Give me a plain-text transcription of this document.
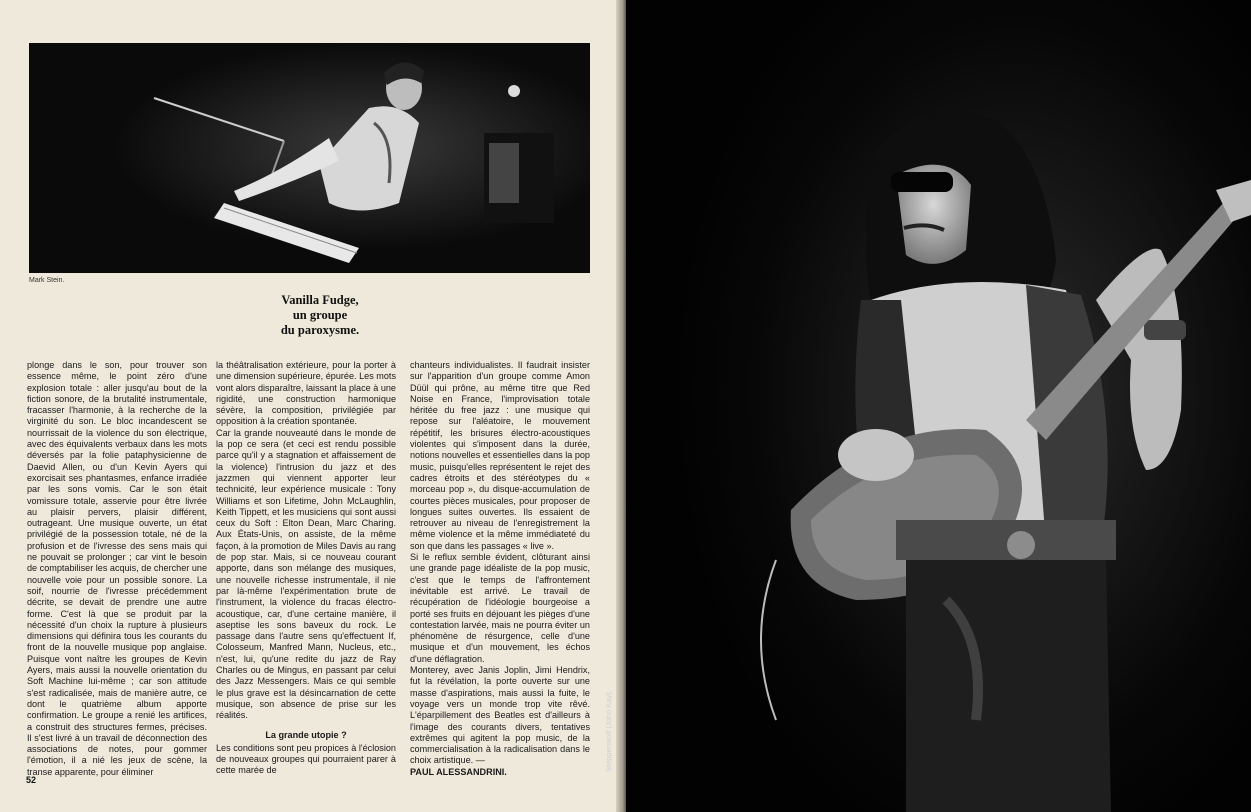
Mark Stein.
Vanilla Fudge,
un groupe
du paroxysme.

plonge dans le son, pour trouver son essence même, le point zéro d'une explosion totale : aller jusqu'au bout de la fiction sonore, de la brutalité instrumentale, fracasser l'harmonie, à la recherche de la virginité du son. Le bloc incandescent se nourrissait de la violence du son électrique, avec des équivalents verbaux dans les mots déversés par la folie pataphysicienne de Daevid Allen, ou d'un Kevin Ayers qui exorcisait ses phantasmes, enfance irradiée par les sons vomis. Car le son était vomissure totale, asservie pour être livrée au plaisir pervers, plaisir différent, outrageant. Une musique ouverte, un état privilégié de la possession totale, né de la profusion et de l'ivresse des sens mais qui ne pouvait se prolonger ; car vint le besoin de comptabiliser les acquis, de chercher une nouvelle voie pour un possible sonore. La soif, nourrie de l'ivresse précédemment décrite, se devait de prendre une autre forme. C'est là que se produit par la nécessité d'un choix la rupture à plusieurs dimensions qui définira tous les courants du front de la nouvelle musique pop anglaise. Puisque vont naître les groupes de Kevin Ayers, mais aussi la nouvelle orientation du Soft Machine lui-même ; car son attitude s'est radicalisée, mais de manière autre, ce dont le quatrième album apporte confirmation. Le groupe a renié les artifices, a construit des structures fermes, précises. Il s'est livré à un travail de déconnection des associations de notes, pour gommer l'émotion, il a nié les jeux de scène, la transe apparente, pour éliminer

la théâtralisation extérieure, pour la porter à une dimension supérieure, épurée. Les mots vont alors disparaître, laissant la place à une rigidité, une construction harmonique sévère, la composition, privilégiée par opposition à la création spontanée.

Car la grande nouveauté dans le monde de la pop ce sera (et ceci est rendu possible parce qu'il y a stagnation et affaissement de la violence) l'intrusion du jazz et des jazzmen qui viennent apporter leur technicité, leur expérience musicale : Tony Williams et son Lifetime, John McLaughlin, Keith Tippett, et les musiciens qui sont aussi ceux du Soft : Elton Dean, Marc Charing. Aux États-Unis, on assiste, de la même façon, à la promotion de Miles Davis au rang de pop star. Mais, si ce nouveau courant apporte, dans son mélange des musiques, une nouvelle richesse instrumentale, il nie par là-même l'expérimentation brute de l'instrument, la violence du fracas électro-acoustique, car, d'une certaine manière, il aseptise les sons baveux du rock. Le passage dans l'autre sens qu'effectuent If, Colosseum, Manfred Mann, Nucleus, etc., n'est, lui, qu'une redite du jazz de Ray Charles ou de Mingus, en passant par celui des Jazz Messengers. Mais ce qui semble le plus grave est la désincarnation de cette musique, son absence de prise sur les réalités.

La grande utopie ?

Les conditions sont peu propices à l'éclosion de nouveaux groupes qui pourraient parer à cette marée de

chanteurs individualistes. Il faudrait insister sur l'apparition d'un groupe comme Amon Düül qui prône, au même titre que Red Noise en France, l'improvisation totale héritée du free jazz : une musique qui repose sur l'aléatoire, le mouvement répétitif, les brisures électro-acoustiques violentes qui s'imposent dans la durée, notions nouvelles et essentielles dans la pop music, puisqu'elles représentent le rejet des cadres étroits et des stéréotypes du « morceau pop », du disque-accumulation de courtes pièces musicales, pour proposer de longues suites ouvertes. Ils essaient de retrouver au niveau de l'enregistrement la même violence et la même immédiateté du son que dans les passages « live ».

Si le reflux semble évident, clôturant ainsi une grande page idéaliste de la pop music, c'est que le temps de l'affrontement inévitable est arrivé. Le travail de récupération de l'idéologie bourgeoise a porté ses fruits en déjouant les pièges d'une contestation larvée, mais ne pourra éviter un phénomène de résurgence, celle d'une musique et d'un mouvement, les échos d'une déflagration.

Monterey, avec Janis Joplin, Jimi Hendrix, fut la révélation, la porte ouverte sur une masse d'aspirations, mais aussi la fuite, le voyage vers un monde trop vite rêvé. L'éparpillement des Beatles est d'ailleurs à l'image des courants divers, tentatives extrêmes qui agitent la pop music, de la commercialisation à la radicalisation dans le choix artistique. —

PAUL ALESSANDRINI.

52
Steppenwolf (John Kay).
